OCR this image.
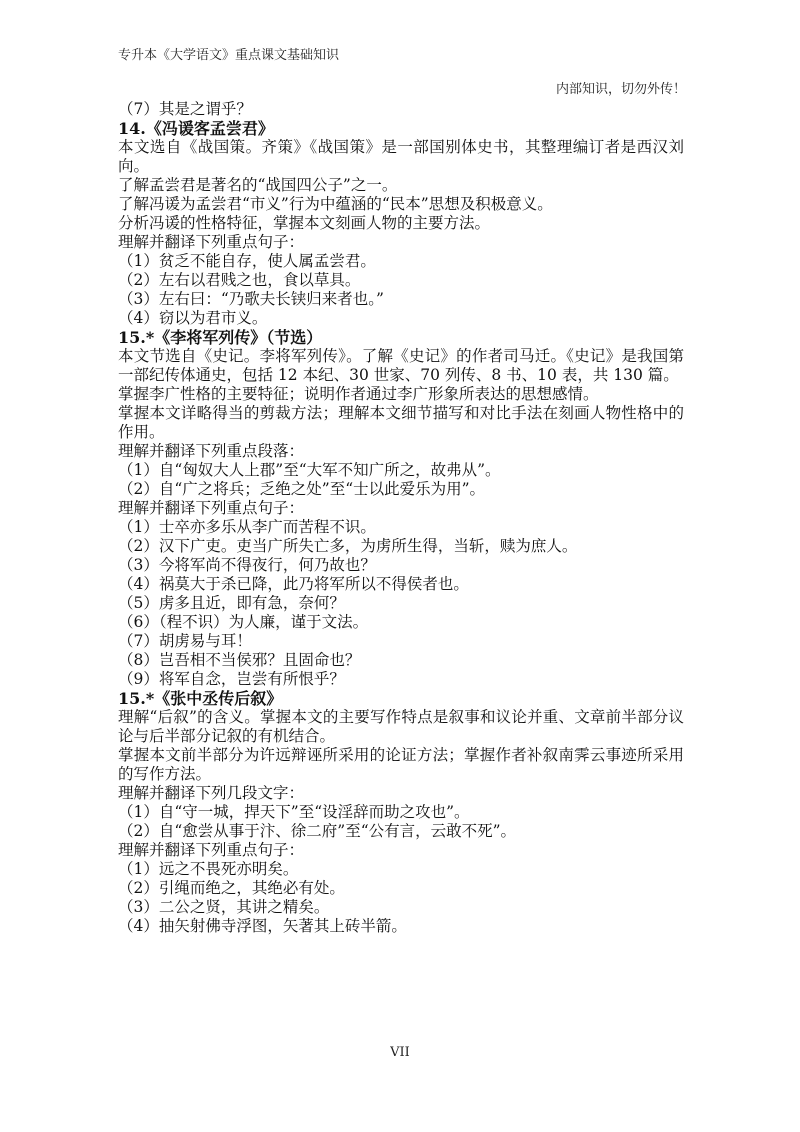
专升本《大学语文》重点课文基础知识
内部知识，切勿外传！
（7）其是之谓乎？
14.《冯谖客孟尝君》
本文选自《战国策。齐策》《战国策》是一部国别体史书，其整理编订者是西汉刘向。
了解孟尝君是著名的“战国四公子”之一。
了解冯谖为孟尝君“市义”行为中蕴涵的“民本”思想及积极意义。
分析冯谖的性格特征，掌握本文刻画人物的主要方法。
理解并翻译下列重点句子：
（1）贫乏不能自存，使人属孟尝君。
（2）左右以君贱之也，食以草具。
（3）左右曰：“乃歌夫长铗归来者也。”
（4）窃以为君市义。
15.*《李将军列传》（节选）
本文节选自《史记。李将军列传》。了解《史记》的作者司马迁。《史记》是我国第一部纪传体通史，包括 12 本纪、30 世家、70 列传、8 书、10 表，共 130 篇。
掌握李广性格的主要特征；说明作者通过李广形象所表达的思想感情。
掌握本文详略得当的剪裁方法；理解本文细节描写和对比手法在刻画人物性格中的作用。
理解并翻译下列重点段落：
（1）自“匈奴大人上郡”至“大军不知广所之，故弗从”。
（2）自“广之将兵；乏绝之处”至“士以此爱乐为用”。
理解并翻译下列重点句子：
（1）士卒亦多乐从李广而苦程不识。
（2）汉下广吏。吏当广所失亡多，为虏所生得，当斩，赎为庶人。
（3）今将军尚不得夜行，何乃故也？
（4）祸莫大于杀已降，此乃将军所以不得侯者也。
（5）虏多且近，即有急，奈何？
（6）（程不识）为人廉，谨于文法。
（7）胡虏易与耳！
（8）岂吾相不当侯邪？且固命也？
（9）将军自念，岂尝有所恨乎？
15.*《张中丞传后叙》
理解“后叙”的含义。掌握本文的主要写作特点是叙事和议论并重、文章前半部分议论与后半部分记叙的有机结合。
掌握本文前半部分为许远辩诬所采用的论证方法；掌握作者补叙南霁云事迹所采用的写作方法。
理解并翻译下列几段文字：
（1）自“守一城，捍天下”至“设淫辞而助之攻也”。
（2）自“愈尝从事于汴、徐二府”至“公有言，云敢不死”。
理解并翻译下列重点句子：
（1）远之不畏死亦明矣。
（2）引绳而绝之，其绝必有处。
（3）二公之贤，其讲之精矣。
（4）抽矢射佛寺浮图，矢著其上砖半箭。
VII
